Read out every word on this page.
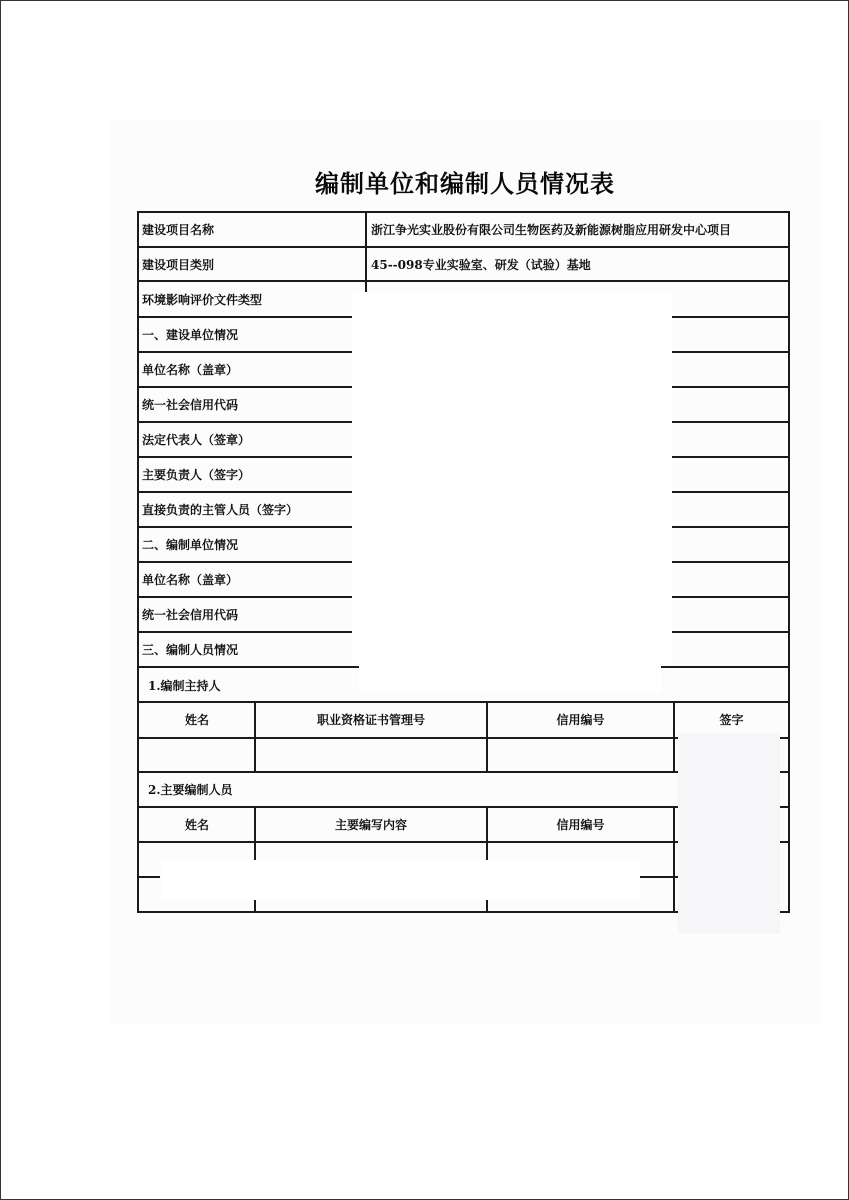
编制单位和编制人员情况表
建设项目名称	浙江争光实业股份有限公司生物医药及新能源树脂应用研发中心项目
建设项目类别	45--098专业实验室、研发（试验）基地
环境影响评价文件类型
一、建设单位情况
单位名称（盖章）
统一社会信用代码
法定代表人（签章）
主要负责人（签字）
直接负责的主管人员（签字）
二、编制单位情况
单位名称（盖章）
统一社会信用代码
三、编制人员情况
1.编制主持人
姓名	职业资格证书管理号	信用编号	签字
2.主要编制人员
姓名	主要编写内容	信用编号
